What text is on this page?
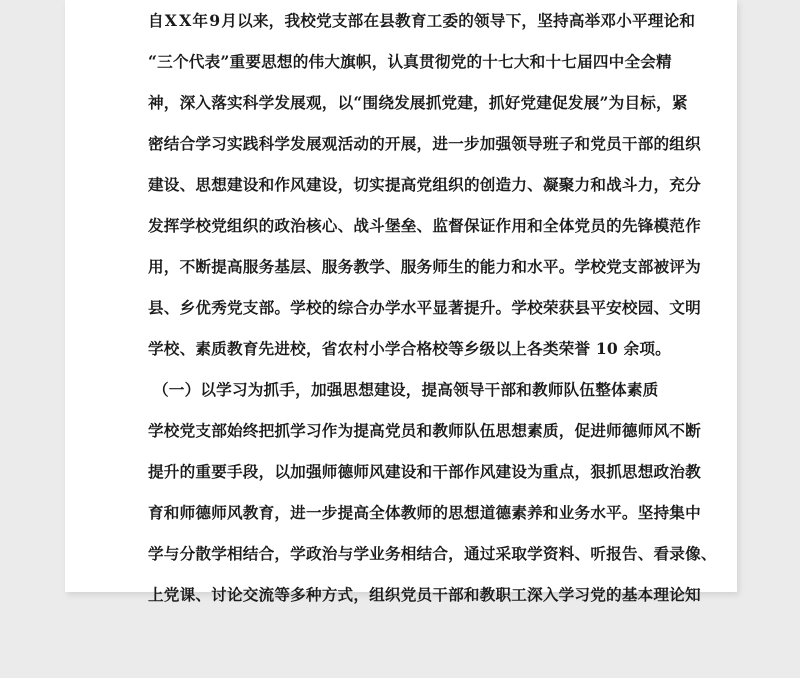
自 X X 年 9 月 以 来 ， 我 校 党 支 部 在 县 教 育 工 委 的 领 导 下 ， 坚 持 高 举 邓 小 平 理 论 和
“ 三 个 代 表 ” 重 要 思 想 的 伟 大 旗 帜 ， 认 真 贯 彻 党 的 十 七 大 和 十 七 届 四 中 全 会 精
神 ， 深 入 落 实 科 学 发 展 观 ， 以 “ 围 绕 发 展 抓 党 建 ， 抓 好 党 建 促 发 展 ” 为 目 标 ， 紧
密 结 合 学 习 实 践 科 学 发 展 观 活 动 的 开 展 ， 进 一 步 加 强 领 导 班 子 和 党 员 干 部 的 组 织
建 设 、 思 想 建 设 和 作 风 建 设 ， 切 实 提 高 党 组 织 的 创 造 力 、 凝 聚 力 和 战 斗 力 ， 充 分
发 挥 学 校 党 组 织 的 政 治 核 心 、 战 斗 堡 垒 、 监 督 保 证 作 用 和 全 体 党 员 的 先 锋 模 范 作
用 ， 不 断 提 高 服 务 基 层 、 服 务 教 学 、 服 务 师 生 的 能 力 和 水 平 。 学 校 党 支 部 被 评 为
县 、 乡 优 秀 党 支 部 。 学 校 的 综 合 办 学 水 平 显 著 提 升 。 学 校 荣 获 县 平 安 校 园 、 文 明
学校、素质教育先进校，省农村小学合格校等乡级以上各类荣誉 10 余项。
（一）以学习为抓手，加强思想建设，提高领导干部和教师队伍整体素质
学 校 党 支 部 始 终 把 抓 学 习 作 为 提 高 党 员 和 教 师 队 伍 思 想 素 质 ， 促 进 师 德 师 风 不 断
提 升 的 重 要 手 段 ， 以 加 强 师 德 师 风 建 设 和 干 部 作 风 建 设 为 重 点 ， 狠 抓 思 想 政 治 教
育 和 师 德 师 风 教 育 ， 进 一 步 提 高 全 体 教 师 的 思 想 道 德 素 养 和 业 务 水 平 。 坚 持 集 中
学 与 分 散 学 相 结 合 ， 学 政 治 与 学 业 务 相 结 合 ， 通 过 采 取 学 资 料 、 听 报 告 、 看 录 像 、
上党课、讨论交流等多种方式，组织党员干部和教职工深入学习党的基本理论知
